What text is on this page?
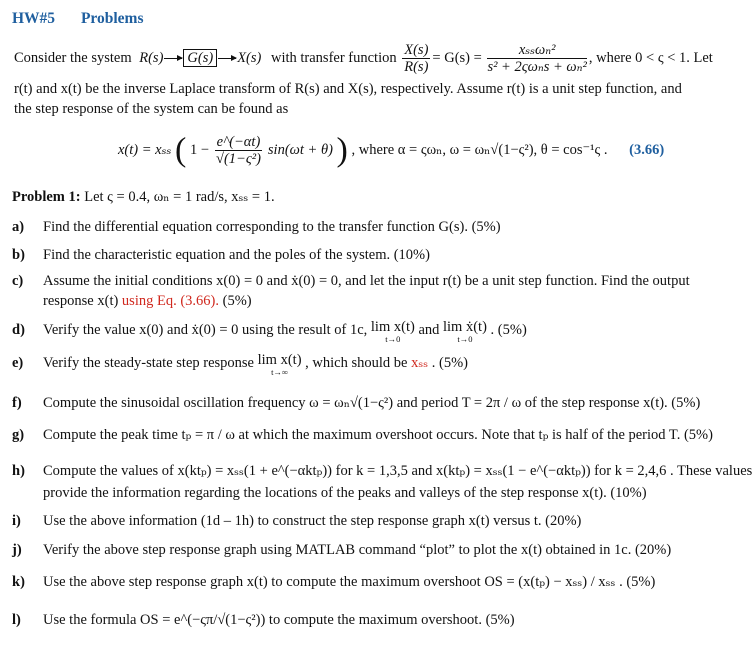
HW#5 Problems
Consider the system R(s) G(s) X(s) with transfer function $\frac{X(s)}{R(s)} = G(s) = \frac{\text{xₛₛωₙ²}}{\text{s² + 2ςωₙs + ωₙ²}}$ , where 0 < ς < 1. Let
r(t) and x(t) be the inverse Laplace transform of R(s) and X(s), respectively. Assume r(t) is a unit step function, and
the step response of the system can be found as
x(t) = xₛₛ ( $1 - \frac{e\^{}(-\alpha t)}{\text{√(1−ς²)}} \sin(\omega t + \theta)$ ) , where α = ςωₙ, ω = ωₙ√(1−ς²), θ = cos⁻¹ς . (3.66)
Problem 1: Let ς = 0.4, ωₙ = 1 rad/s, xₛₛ = 1.
a) Find the differential equation corresponding to the transfer function G(s). (5%)
b) Find the characteristic equation and the poles of the system. (10%)
c) Assume the initial conditions x(0) = 0 and ẋ(0) = 0, and let the input r(t) be a unit step function. Find the output
response x(t) using Eq. (3.66). (5%)
d) Verify the value x(0) and ẋ(0) = 0 using the result of 1c, lim x(t)
t→0
and lim ẋ(t)
t→0
. (5%)
e) Verify the steady-state step response lim x(t)
t→∞
, which should be xₛₛ . (5%)
f) Compute the sinusoidal oscillation frequency ω = ωₙ√(1−ς²) and period T = 2π / ω of the step response x(t). (5%)
g) Compute the peak time tₚ = π / ω at which the maximum overshoot occurs. Note that tₚ is half of the period T. (5%)
h) Compute the values of x(ktₚ) = xₛₛ(1 + e^(−αktₚ)) for k = 1,3,5 and x(ktₚ) = xₛₛ(1 − e^(−αktₚ)) for k = 2,4,6 . These values
provide the information regarding the locations of the peaks and valleys of the step response x(t). (10%)
i) Use the above information (1d – 1h) to construct the step response graph x(t) versus t. (20%)
j) Verify the above step response graph using MATLAB command “plot” to plot the x(t) obtained in 1c. (20%)
k) Use the above step response graph x(t) to compute the maximum overshoot OS = (x(tₚ) − xₛₛ) / xₛₛ . (5%)
l) Use the formula OS = e^(−ςπ/√(1−ς²)) to compute the maximum overshoot. (5%)
